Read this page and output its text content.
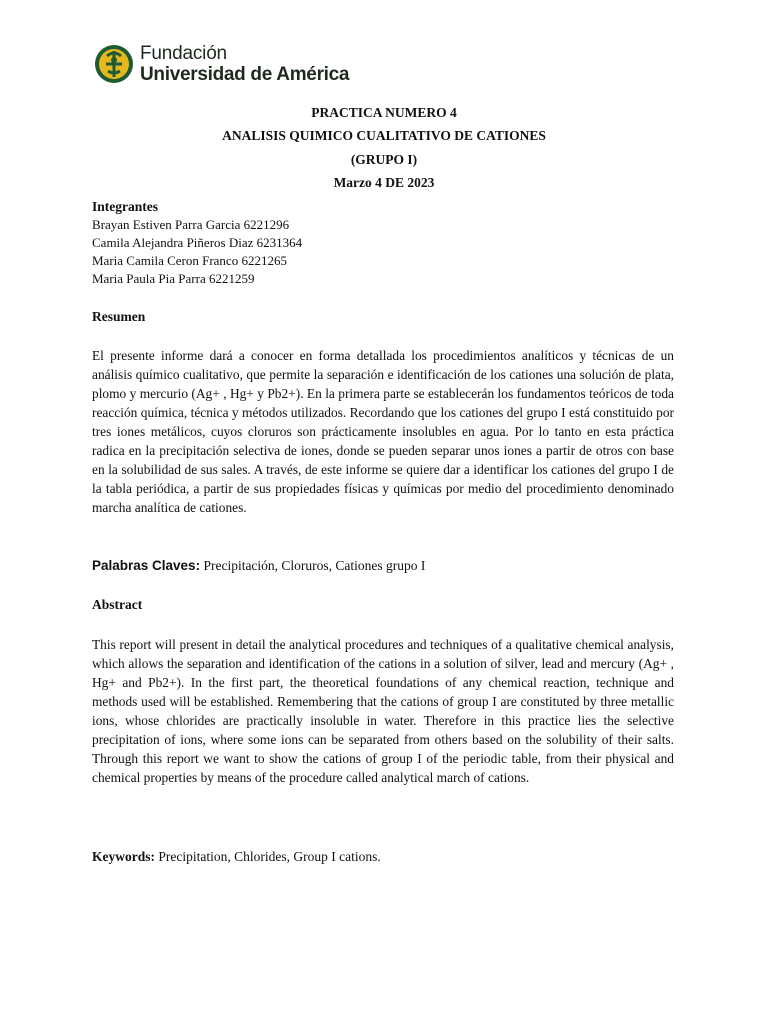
Fundación
Universidad de América
PRACTICA NUMERO 4
ANALISIS QUIMICO CUALITATIVO DE CATIONES
(GRUPO I)
Marzo 4 DE 2023
Integrantes
Brayan Estiven Parra Garcia 6221296
Camila Alejandra Piñeros Diaz 6231364
Maria Camila Ceron Franco 6221265
Maria Paula Pia Parra 6221259
Resumen
El presente informe dará a conocer en forma detallada los procedimientos analíticos y técnicas de un análisis químico cualitativo, que permite la separación e identificación de los cationes una solución de plata, plomo y mercurio (Ag+ , Hg+ y Pb2+). En la primera parte se establecerán los fundamentos teóricos de toda reacción química, técnica y métodos utilizados. Recordando que los cationes del grupo I está constituido por tres iones metálicos, cuyos cloruros son prácticamente insolubles en agua. Por lo tanto en esta práctica radica en la precipitación selectiva de iones, donde se pueden separar unos iones a partir de otros con base en la solubilidad de sus sales. A través, de este informe se quiere dar a identificar los cationes del grupo I de la tabla periódica, a partir de sus propiedades físicas y químicas por medio del procedimiento denominado marcha analítica de cationes.
Palabras Claves: Precipitación, Cloruros, Cationes grupo I
Abstract
This report will present in detail the analytical procedures and techniques of a qualitative chemical analysis, which allows the separation and identification of the cations in a solution of silver, lead and mercury (Ag+ , Hg+ and Pb2+). In the first part, the theoretical foundations of any chemical reaction, technique and methods used will be established. Remembering that the cations of group I are constituted by three metallic ions, whose chlorides are practically insoluble in water. Therefore in this practice lies the selective precipitation of ions, where some ions can be separated from others based on the solubility of their salts. Through this report we want to show the cations of group I of the periodic table, from their physical and chemical properties by means of the procedure called analytical march of cations.
Keywords: Precipitation, Chlorides, Group I cations.
